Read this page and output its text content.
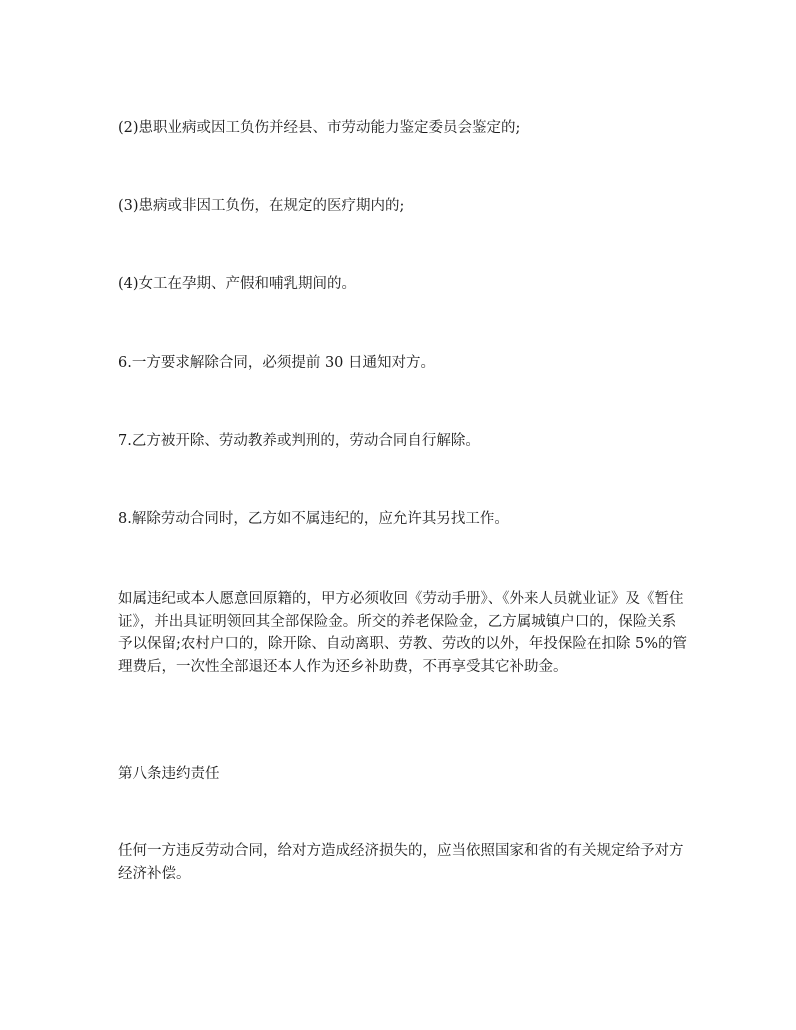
(2)患职业病或因工负伤并经县、市劳动能力鉴定委员会鉴定的;

(3)患病或非因工负伤，在规定的医疗期内的;

(4)女工在孕期、产假和哺乳期间的。

6.一方要求解除合同，必须提前 30 日通知对方。

7.乙方被开除、劳动教养或判刑的，劳动合同自行解除。

8.解除劳动合同时，乙方如不属违纪的，应允许其另找工作。

如属违纪或本人愿意回原籍的，甲方必须收回《劳动手册》、《外来人员就业证》及《暂住证》，并出具证明领回其全部保险金。所交的养老保险金，乙方属城镇户口的，保险关系予以保留;农村户口的，除开除、自动离职、劳教、劳改的以外，年投保险在扣除 5%的管理费后，一次性全部退还本人作为还乡补助费，不再享受其它补助金。

第八条违约责任

任何一方违反劳动合同，给对方造成经济损失的，应当依照国家和省的有关规定给予对方经济补偿。
